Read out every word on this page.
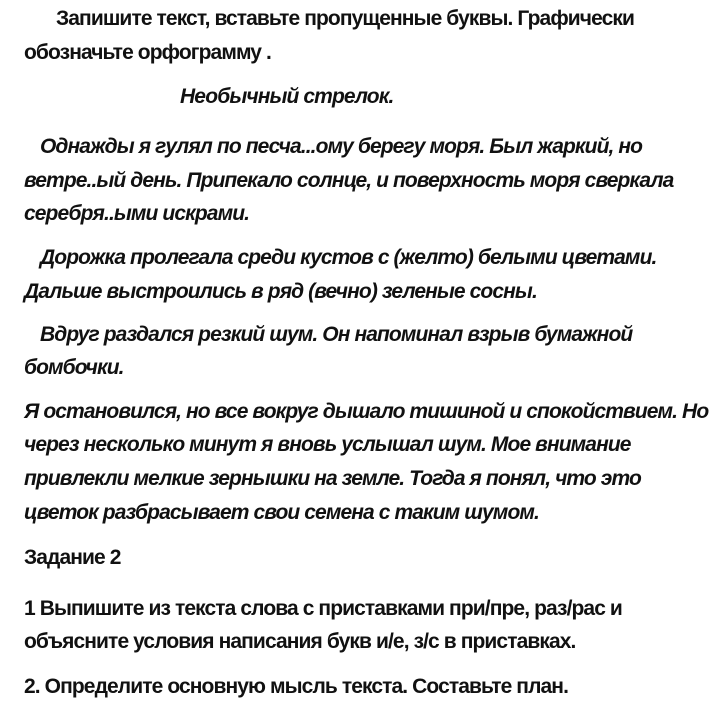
Запишите текст, вставьте пропущенные буквы. Графически
обозначьте орфограмму .
Необычный стрелок.
Однажды я гулял по песча...ому берегу моря. Был жаркий, но
ветре..ый день. Припекало солнце, и поверхность моря сверкала
серебря..ыми искрами.
Дорожка пролегала среди кустов с (желто) белыми цветами.
Дальше выстроились в ряд (вечно) зеленые сосны.
Вдруг раздался резкий шум. Он напоминал взрыв бумажной
бомбочки.
Я остановился, но все вокруг дышало тишиной и спокойствием. Но
через несколько минут я вновь услышал шум. Мое внимание
привлекли мелкие зернышки на земле. Тогда я понял, что это
цветок разбрасывает свои семена с таким шумом.
Задание 2
1 Выпишите из текста слова с приставками при/пре, раз/рас и
объясните условия написания букв и/е, з/с в приставках.
2. Определите основную мысль текста. Составьте план.
